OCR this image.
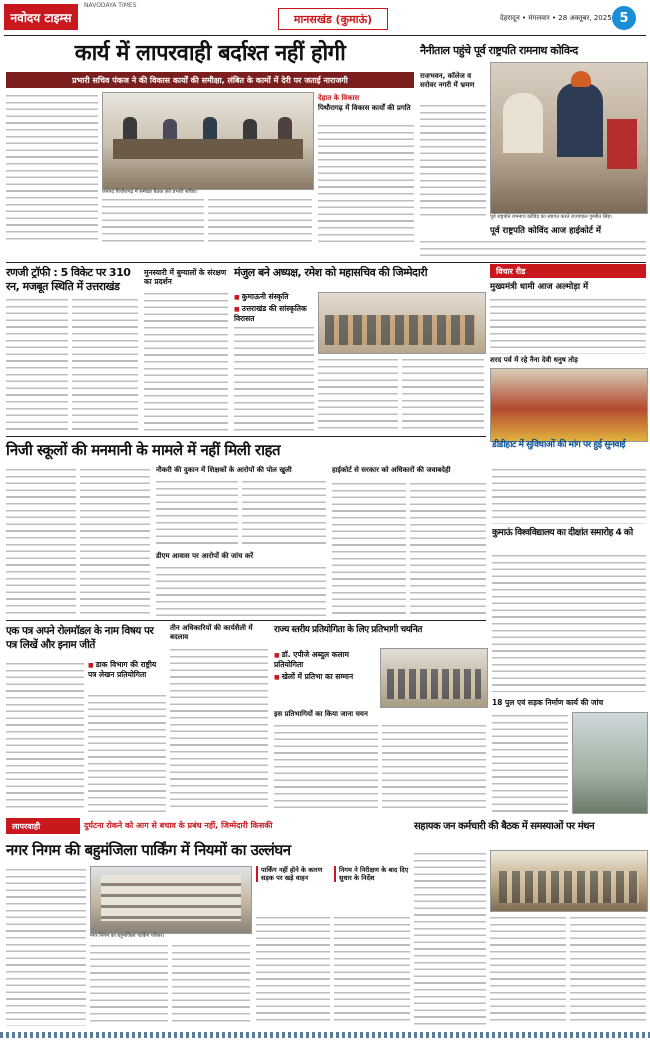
नवोदय टाइम्स
NAVODAYA TIMES
मानसखंड (कुमाऊं)	देहरादून • मंगलवार • 28 अक्तूबर, 2025 5
कार्य में लापरवाही बर्दाश्त नहीं होगी
प्रभारी सचिव पंकज ने की विकास कार्यों की समीक्षा, लंबित के कामों में देरी पर जताई नाराजगी
जनपद पिथौरागढ़ में समीक्षा बैठक लेते प्रभारी सचिव।
देहात के विकास
पिथौरागढ़ में विकास कार्यों की प्रगति
नैनीताल पहुंचे पूर्व राष्ट्रपति रामनाथ कोविन्द
राजभवन, कॉलेज व सरोवर नगरी में भ्रमण
पूर्व राष्ट्रपति रामनाथ कोविंद का स्वागत करते राज्यपाल गुरमीत सिंह।
पूर्व राष्ट्रपति कोविंद आज हाईकोर्ट में
रणजी ट्रॉफी : 5 विकेट पर 310 रन, मजबूत स्थिति में उत्तराखंड
मुनस्यारी में बुग्यालों के संरक्षण का प्रदर्शन
मंजुल बने अध्यक्ष, रमेश को महासचिव की जिम्मेदारी
■ कुमाऊनी संस्कृति
■ उत्तराखंड की सांस्कृतिक विरासत
विचार रीड
मुख्यमंत्री धामी आज अल्मोड़ा में
शरद पर्व में रहे नैना देवी धनुष तोड़
निजी स्कूलों की मनमानी के मामले में नहीं मिली राहत
नौकरी की दुकान में शिक्षकों के आरोपों की पोल खुली
डीएम आवास पर आरोपों की जांच करें
हाईकोर्ट से सरकार को अधिकारों की जवाबदेही
डीडीहाट में सुविधाओं की मांग पर हुई सुनवाई
कुमाऊं विश्वविद्यालय का दीक्षांत समारोह 4 को
एक पत्र अपने रोलमॉडल के नाम विषय पर पत्र लिखें और इनाम जीतें
■ डाक विभाग की राष्ट्रीय पत्र लेखन प्रतियोगिता
तीन अधिकारियों की कार्यशैली में बदलाव
राज्य स्तरीय प्रतियोगिता के लिए प्रतिभागी चयनित
■ डॉ. एपीजे अब्दुल कलाम प्रतियोगिता
■ खेलों में प्रतिभा का सम्मान
इस प्रतिभागियों का किया जाना चयन
18 पुल एवं सड़क निर्माण कार्य की जांच
लापरवाही	दुर्घटना रोकने को आग से बचाव के प्रबंध नहीं, जिम्मेदारी किसकी
नगर निगम की बहुमंजिला पार्किंग में नियमों का उल्लंघन
नगर निगम का बहुमंजिला पार्किंग परिसर।
पार्किंग नहीं होने के कारण सड़क पर खड़े वाहन
निगम ने निरीक्षण के बाद दिए सुधार के निर्देश
सहायक जन कर्मचारी की बैठक में समस्याओं पर मंथन
